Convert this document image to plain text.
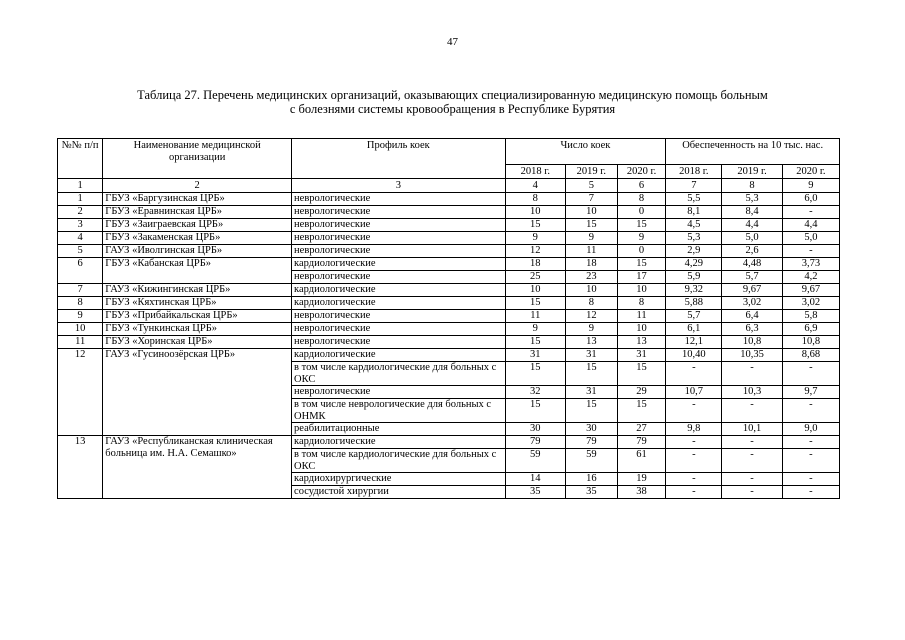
47
Таблица 27. Перечень медицинских организаций, оказывающих специализированную медицинскую помощь больным
с болезнями системы кровообращения в Республике Бурятия
№№ п/п	Наименование медицинской организации	Профиль коек	Число коек			Обеспеченность на 10 тыс. нас.		
			2018 г.	2019 г.	2020 г.	2018 г.	2019 г.	2020 г.
1	2	3	4	5	6	7	8	9
1	ГБУЗ «Баргузинская ЦРБ»	неврологические	8	7	8	5,5	5,3	6,0
2	ГБУЗ «Еравнинская ЦРБ»	неврологические	10	10	0	8,1	8,4	-
3	ГБУЗ «Заиграевская ЦРБ»	неврологические	15	15	15	4,5	4,4	4,4
4	ГБУЗ «Закаменская ЦРБ»	неврологические	9	9	9	5,3	5,0	5,0
5	ГАУЗ «Иволгинская ЦРБ»	неврологические	12	11	0	2,9	2,6	-
6	ГБУЗ «Кабанская ЦРБ»	кардиологические	18	18	15	4,29	4,48	3,73
		неврологические	25	23	17	5,9	5,7	4,2
7	ГАУЗ «Кижингинская ЦРБ»	кардиологические	10	10	10	9,32	9,67	9,67
8	ГБУЗ «Кяхтинская ЦРБ»	кардиологические	15	8	8	5,88	3,02	3,02
9	ГБУЗ «Прибайкальская ЦРБ»	неврологические	11	12	11	5,7	6,4	5,8
10	ГБУЗ «Тункинская ЦРБ»	неврологические	9	9	10	6,1	6,3	6,9
11	ГБУЗ «Хоринская ЦРБ»	неврологические	15	13	13	12,1	10,8	10,8
12	ГАУЗ «Гусиноозёрская ЦРБ»	кардиологические	31	31	31	10,40	10,35	8,68
		в том числе кардиологические для больных с ОКС	15	15	15	-	-	-
		неврологические	32	31	29	10,7	10,3	9,7
		в том числе неврологические для больных с ОНМК	15	15	15	-	-	-
		реабилитационные	30	30	27	9,8	10,1	9,0
13	ГАУЗ «Республиканская клиническая больница им. Н.А. Семашко»	кардиологические	79	79	79	-	-	-
		в том числе кардиологические для больных с ОКС	59	59	61	-	-	-
		кардиохирургические	14	16	19	-	-	-
		сосудистой хирургии	35	35	38	-	-	-
